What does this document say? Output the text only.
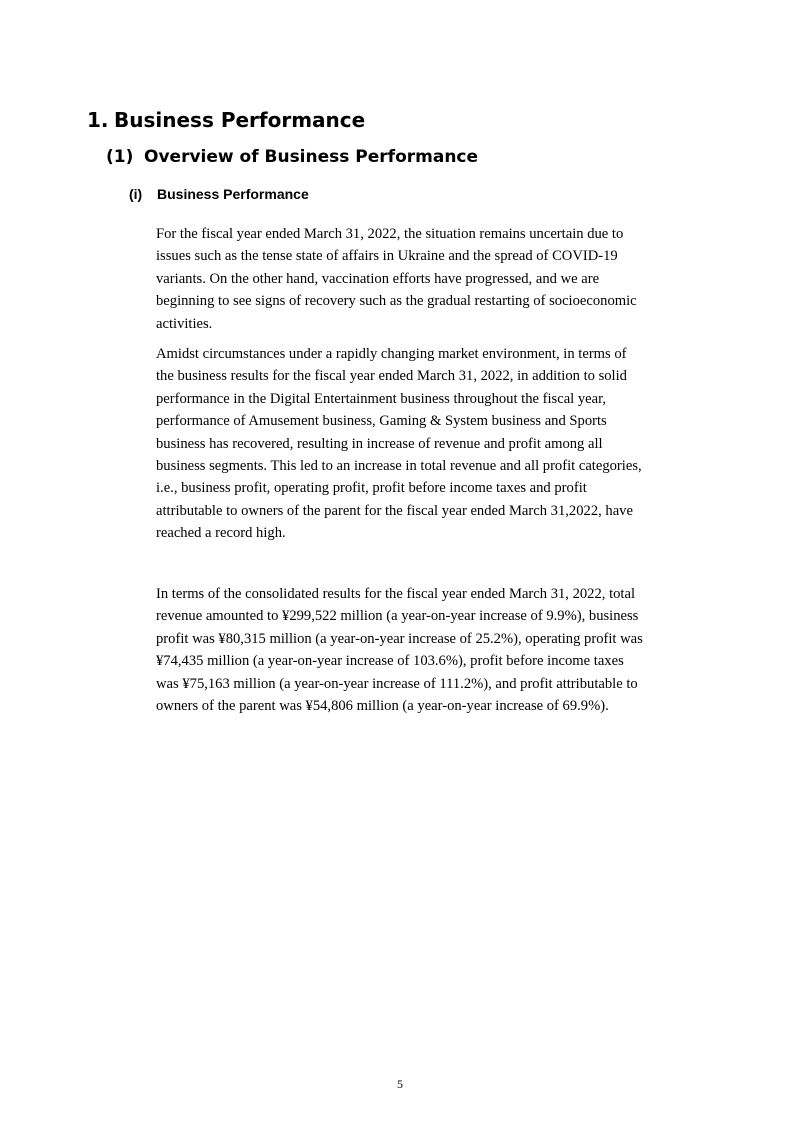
1. Business Performance
(1) Overview of Business Performance
(i) Business Performance

For the fiscal year ended March 31, 2022, the situation remains uncertain due to
issues such as the tense state of affairs in Ukraine and the spread of COVID-19
variants. On the other hand, vaccination efforts have progressed, and we are
beginning to see signs of recovery such as the gradual restarting of socioeconomic
activities.

Amidst circumstances under a rapidly changing market environment, in terms of
the business results for the fiscal year ended March 31, 2022, in addition to solid
performance in the Digital Entertainment business throughout the fiscal year,
performance of Amusement business, Gaming & System business and Sports
business has recovered, resulting in increase of revenue and profit among all
business segments. This led to an increase in total revenue and all profit categories,
i.e., business profit, operating profit, profit before income taxes and profit
attributable to owners of the parent for the fiscal year ended March 31,2022, have
reached a record high.

In terms of the consolidated results for the fiscal year ended March 31, 2022, total
revenue amounted to ¥299,522 million (a year-on-year increase of 9.9%), business
profit was ¥80,315 million (a year-on-year increase of 25.2%), operating profit was
¥74,435 million (a year-on-year increase of 103.6%), profit before income taxes
was ¥75,163 million (a year-on-year increase of 111.2%), and profit attributable to
owners of the parent was ¥54,806 million (a year-on-year increase of 69.9%).

5
